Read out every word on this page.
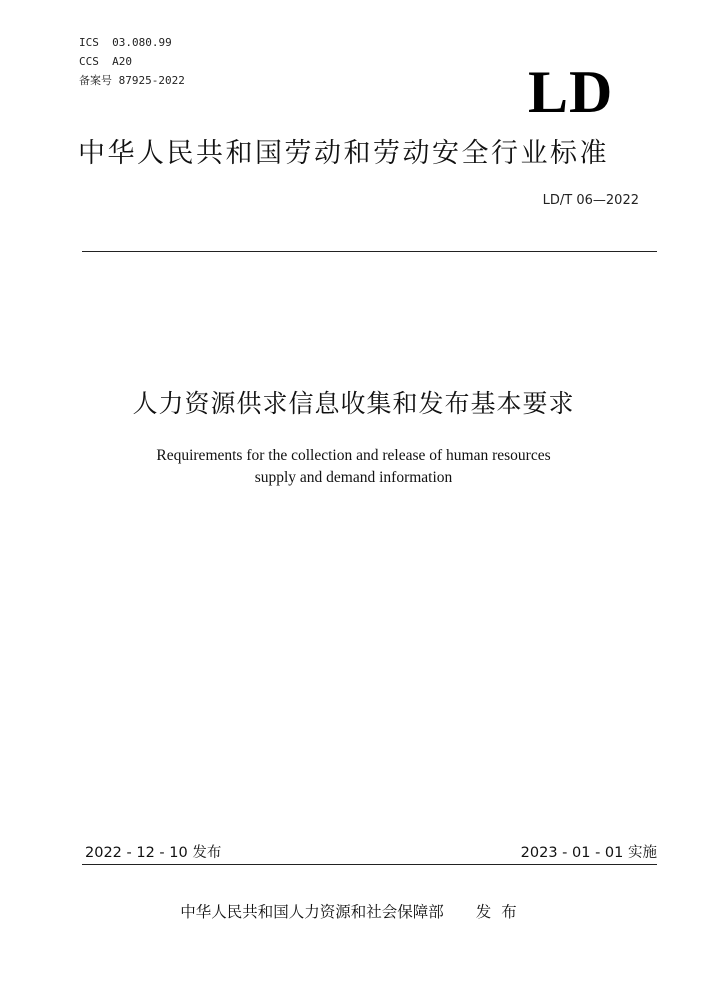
ICS  03.080.99
CCS  A20
备案号 87925-2022	LD
中华人民共和国劳动和劳动安全行业标准
LD/T 06—2022
人力资源供求信息收集和发布基本要求
Requirements for the collection and release of human resources
supply and demand information
2022 - 12 - 10 发布	2023 - 01 - 01 实施
中华人民共和国人力资源和社会保障部 发布
